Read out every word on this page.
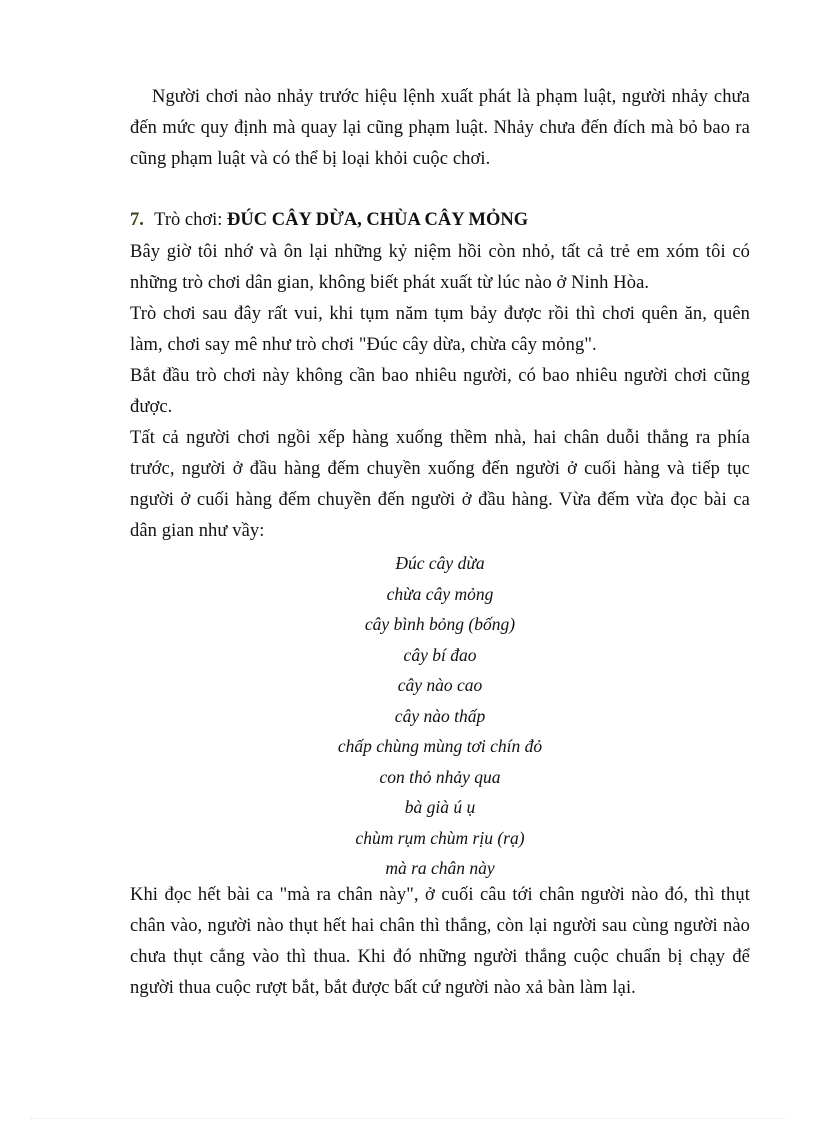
Người chơi nào nhảy trước hiệu lệnh xuất phát là phạm luật, người nhảy chưa đến mức quy định mà quay lại cũng phạm luật. Nhảy chưa đến đích mà bỏ bao ra cũng phạm luật và có thể bị loại khỏi cuộc chơi.

7. Trò chơi: ĐÚC CÂY DỪA, CHÙA CÂY MỎNG

Bây giờ tôi nhớ và ôn lại những kỷ niệm hồi còn nhỏ, tất cả trẻ em xóm tôi có những trò chơi dân gian, không biết phát xuất từ lúc nào ở Ninh Hòa.

Trò chơi sau đây rất vui, khi tụm năm tụm bảy được rồi thì chơi quên ăn, quên làm, chơi say mê như trò chơi "Đúc cây dừa, chừa cây mỏng".

Bắt đầu trò chơi này không cần bao nhiêu người, có bao nhiêu người chơi cũng được.

Tất cả người chơi ngồi xếp hàng xuống thềm nhà, hai chân duỗi thẳng ra phía trước, người ở đầu hàng đếm chuyền xuống đến người ở cuối hàng và tiếp tục người ở cuối hàng đếm chuyền đến người ở đầu hàng. Vừa đếm vừa đọc bài ca dân gian như vầy:

Đúc cây dừa
chừa cây mỏng
cây bình bỏng (bống)
cây bí đao
cây nào cao
cây nào thấp
chấp chùng mùng tơi chín đỏ
con thỏ nhảy qua
bà già ú ụ
chùm rụm chùm rịu (rạ)
mà ra chân này

Khi đọc hết bài ca "mà ra chân này", ở cuối câu tới chân người nào đó, thì thụt chân vào, người nào thụt hết hai chân thì thắng, còn lại người sau cùng người nào chưa thụt cẳng vào thì thua. Khi đó những người thắng cuộc chuẩn bị chạy để người thua cuộc rượt bắt, bắt được bất cứ người nào xả bàn làm lại.
